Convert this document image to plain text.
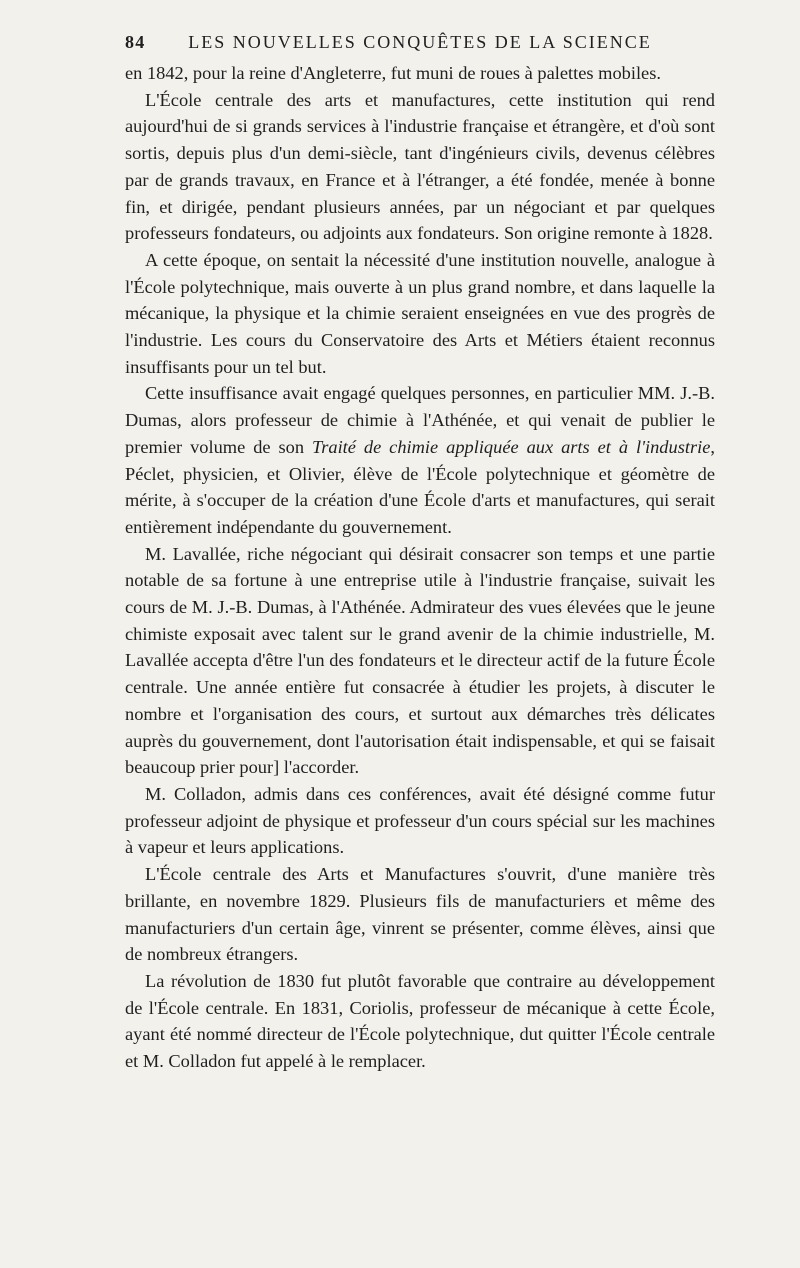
84	LES NOUVELLES CONQUÊTES DE LA SCIENCE

en 1842, pour la reine d'Angleterre, fut muni de roues à palettes mobiles.

L'École centrale des arts et manufactures, cette institution qui rend aujourd'hui de si grands services à l'industrie française et étrangère, et d'où sont sortis, depuis plus d'un demi-siècle, tant d'ingénieurs civils, devenus célèbres par de grands travaux, en France et à l'étranger, a été fondée, menée à bonne fin, et dirigée, pendant plusieurs années, par un négociant et par quelques professeurs fondateurs, ou adjoints aux fondateurs. Son origine remonte à 1828.

A cette époque, on sentait la nécessité d'une institution nouvelle, analogue à l'École polytechnique, mais ouverte à un plus grand nombre, et dans laquelle la mécanique, la physique et la chimie seraient enseignées en vue des progrès de l'industrie. Les cours du Conservatoire des Arts et Métiers étaient reconnus insuffisants pour un tel but.

Cette insuffisance avait engagé quelques personnes, en particulier MM. J.-B. Dumas, alors professeur de chimie à l'Athénée, et qui venait de publier le premier volume de son Traité de chimie appliquée aux arts et à l'industrie, Péclet, physicien, et Olivier, élève de l'École polytechnique et géomètre de mérite, à s'occuper de la création d'une École d'arts et manufactures, qui serait entièrement indépendante du gouvernement.

M. Lavallée, riche négociant qui désirait consacrer son temps et une partie notable de sa fortune à une entreprise utile à l'industrie française, suivait les cours de M. J.-B. Dumas, à l'Athénée. Admirateur des vues élevées que le jeune chimiste exposait avec talent sur le grand avenir de la chimie industrielle, M. Lavallée accepta d'être l'un des fondateurs et le directeur actif de la future École centrale. Une année entière fut consacrée à étudier les projets, à discuter le nombre et l'organisation des cours, et surtout aux démarches très délicates auprès du gouvernement, dont l'autorisation était indispensable, et qui se faisait beaucoup prier pour] l'accorder.

M. Colladon, admis dans ces conférences, avait été désigné comme futur professeur adjoint de physique et professeur d'un cours spécial sur les machines à vapeur et leurs applications.

L'École centrale des Arts et Manufactures s'ouvrit, d'une manière très brillante, en novembre 1829. Plusieurs fils de manufacturiers et même des manufacturiers d'un certain âge, vinrent se présenter, comme élèves, ainsi que de nombreux étrangers.

La révolution de 1830 fut plutôt favorable que contraire au développement de l'École centrale. En 1831, Coriolis, professeur de mécanique à cette École, ayant été nommé directeur de l'École polytechnique, dut quitter l'École centrale et M. Colladon fut appelé à le remplacer.
